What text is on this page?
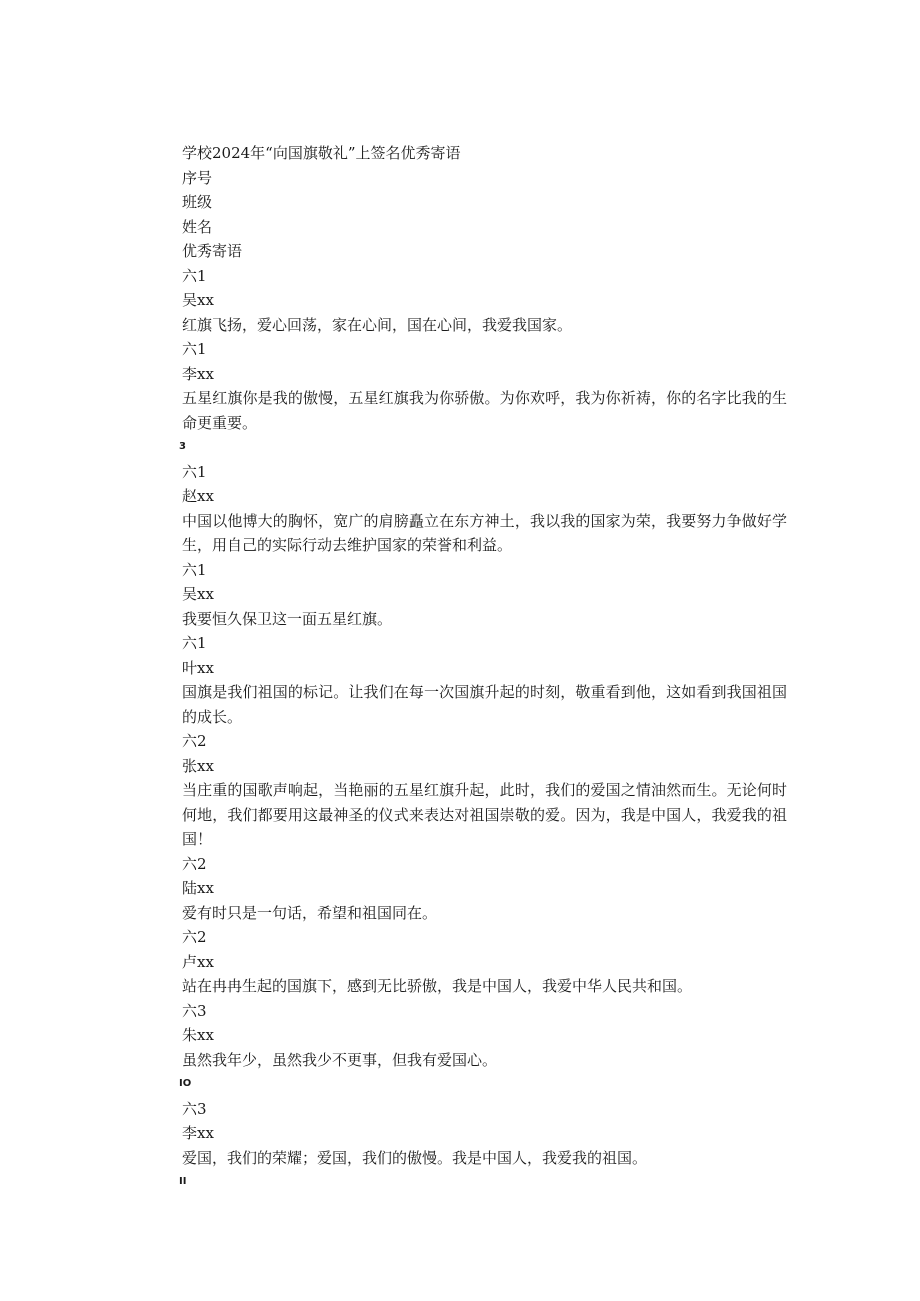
学校2024年“向国旗敬礼”上签名优秀寄语
序号
班级
姓名
优秀寄语
六1
吴xx
红旗飞扬，爱心回荡，家在心间，国在心间，我爱我国家。
六1
李xx
五星红旗你是我的傲慢，五星红旗我为你骄傲。为你欢呼，我为你祈祷，你的名字比我的生命更重要。
3
六1
赵xx
中国以他博大的胸怀，宽广的肩膀矗立在东方神土，我以我的国家为荣，我要努力争做好学生，用自己的实际行动去维护国家的荣誉和利益。
六1
吴xx
我要恒久保卫这一面五星红旗。
六1
叶xx
国旗是我们祖国的标记。让我们在每一次国旗升起的时刻，敬重看到他，这如看到我国祖国的成长。
六2
张xx
当庄重的国歌声响起，当艳丽的五星红旗升起，此时，我们的爱国之情油然而生。无论何时何地，我们都要用这最神圣的仪式来表达对祖国崇敬的爱。因为，我是中国人，我爱我的祖国！
六2
陆xx
爱有时只是一句话，希望和祖国同在。
六2
卢xx
站在冉冉生起的国旗下，感到无比骄傲，我是中国人，我爱中华人民共和国。
六3
朱xx
虽然我年少，虽然我少不更事，但我有爱国心。
IO
六3
李xx
爱国，我们的荣耀；爱国，我们的傲慢。我是中国人，我爱我的祖国。
II
